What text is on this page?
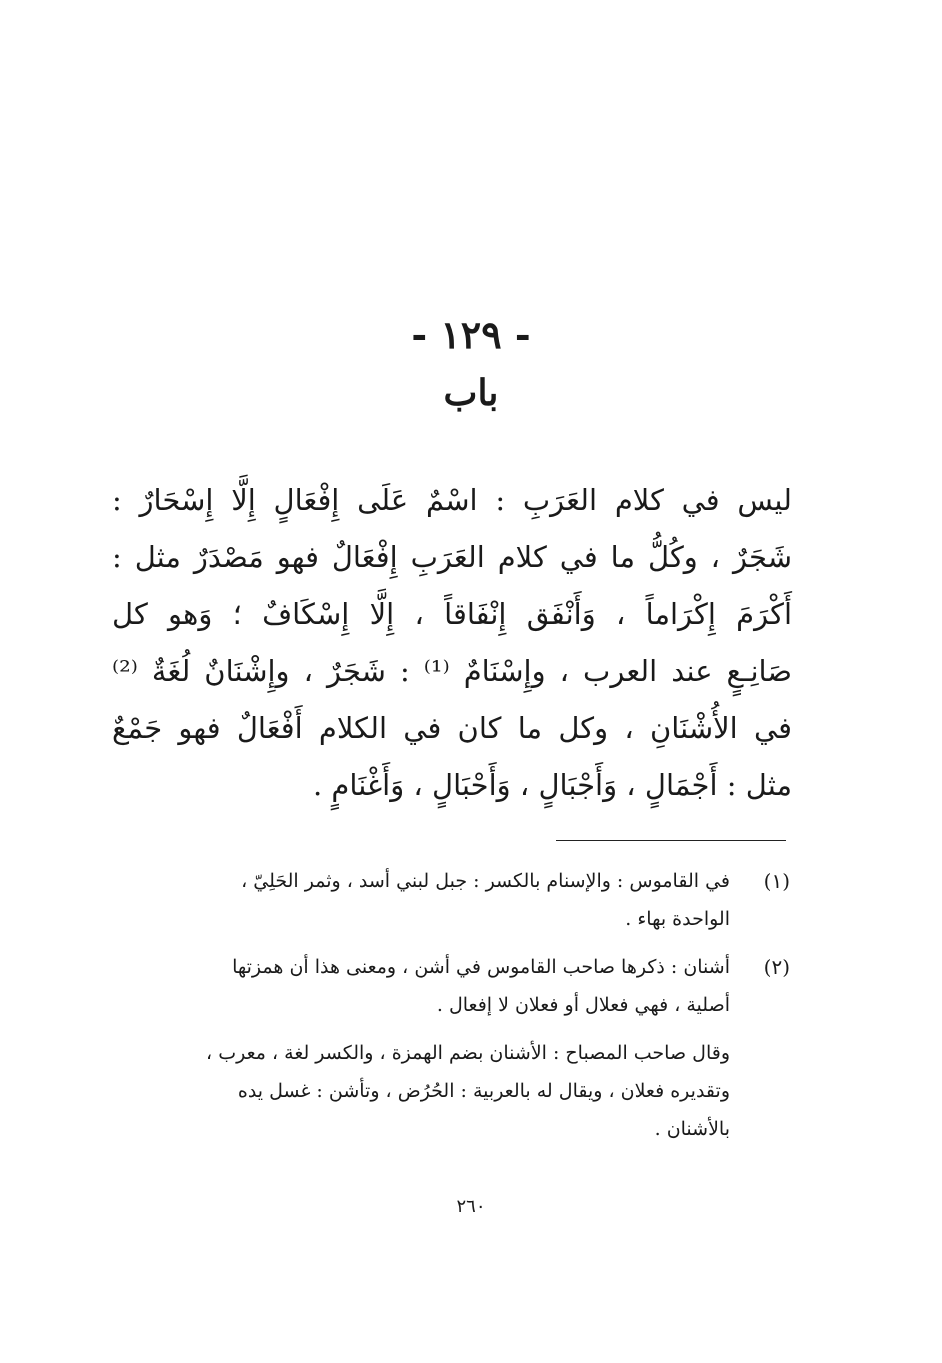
- ١٢٩ -
باب
ليس في كلام العَرَبِ : اسْمٌ عَلَى إِفْعَالٍ إِلَّا إِسْحَارٌ :
شَجَرٌ ، وكُلُّ ما في كلام العَرَبِ إِفْعَالٌ فهو مَصْدَرٌ مثل :
أَكْرَمَ إِكْرَاماً ، وَأَنْفَق إِنْفَاقاً ، إِلَّا إِسْكَافٌ ؛ وَهو كل
صَانِـعٍ عند العرب ، وإِسْنَامٌ ⁽¹⁾ : شَجَرٌ ، وإِشْنَانٌ لُغَةٌ ⁽²⁾
في الأُشْنَانِ ، وكل ما كان في الكلام أَفْعَالٌ فهو جَمْعٌ
مثل : أَجْمَالٍ ، وَأَجْبَالٍ ، وَأَحْبَالٍ ، وَأَغْنَامٍ .
(١)
في القاموس : والإسنام بالكسر : جبل لبني أسد ، وثمر الحَلِيّ ،
الواحدة بهاء .
(٢)
أشنان : ذكرها صاحب القاموس في أشن ، ومعنى هذا أن همزتها
أصلية ، فهي فعلال أو فعلان لا إفعال .
وقال صاحب المصباح : الأشنان بضم الهمزة ، والكسر لغة ، معرب ،
وتقديره فعلان ، ويقال له بالعربية : الحُرُض ، وتأشن : غسل يده
بالأشنان .
٢٦٠
